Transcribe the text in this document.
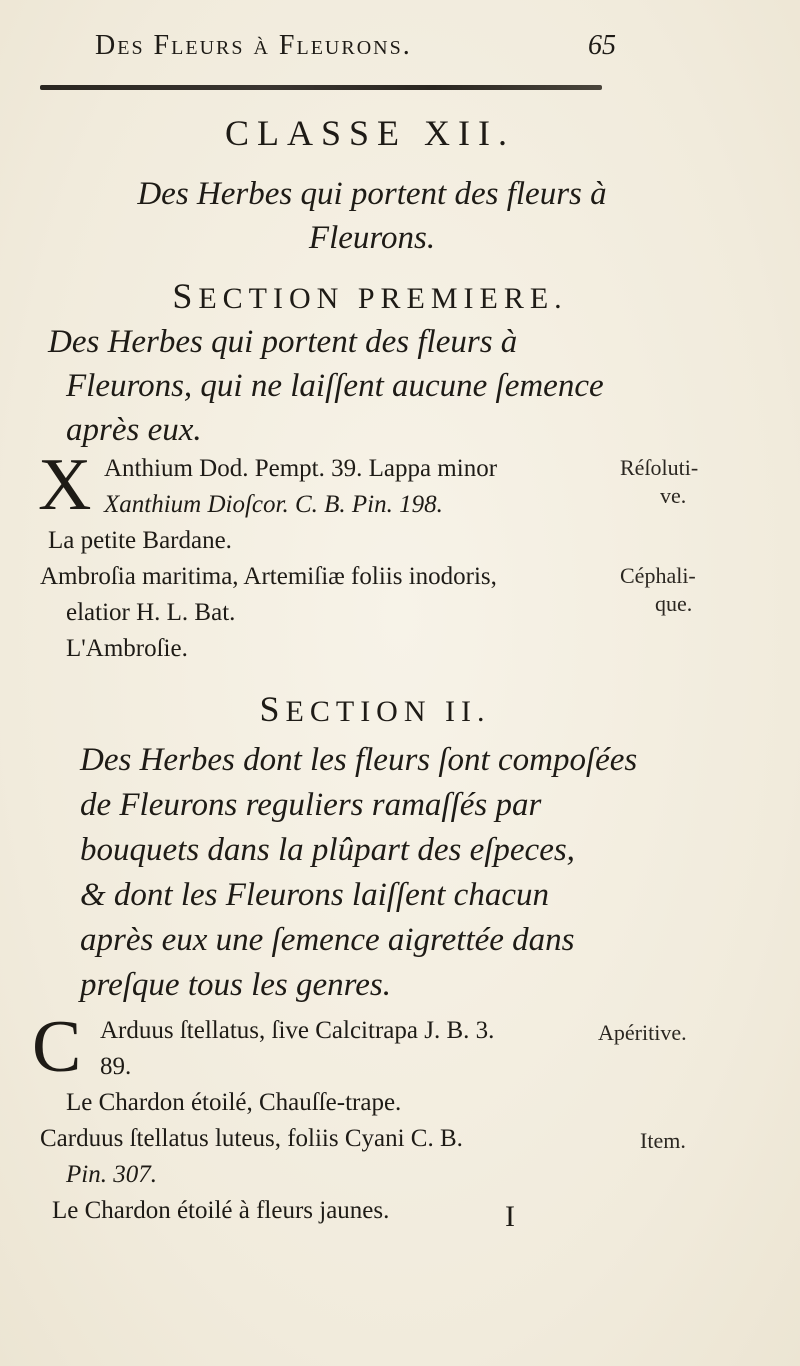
Des Fleurs à Fleurons.	65
CLASSE XII.
Des Herbes qui portent des fleurs à
Fleurons.
SECTION PREMIERE.
Des Herbes qui portent des fleurs à
Fleurons, qui ne laiſſent aucune ſemence
après eux.
X Anthium Dod. Pempt. 39. Lappa minor
Xanthium Dioſcor. C. B. Pin. 198.
La petite Bardane.
Réſoluti-
ve.
Ambroſia maritima, Artemiſiæ foliis inodoris,
elatior H. L. Bat.
L'Ambroſie.
Céphali-
que.
SECTION II.
Des Herbes dont les fleurs ſont compoſées
de Fleurons reguliers ramaſſés par
bouquets dans la plûpart des eſpeces,
& dont les Fleurons laiſſent chacun
après eux une ſemence aigrettée dans
preſque tous les genres.
C Arduus ſtellatus, ſive Calcitrapa J. B. 3.
89.
Le Chardon étoilé, Chauſſe-trape.
Apéritive.
Carduus ſtellatus luteus, foliis Cyani C. B.
Pin. 307.
Le Chardon étoilé à fleurs jaunes.
Item.
I
